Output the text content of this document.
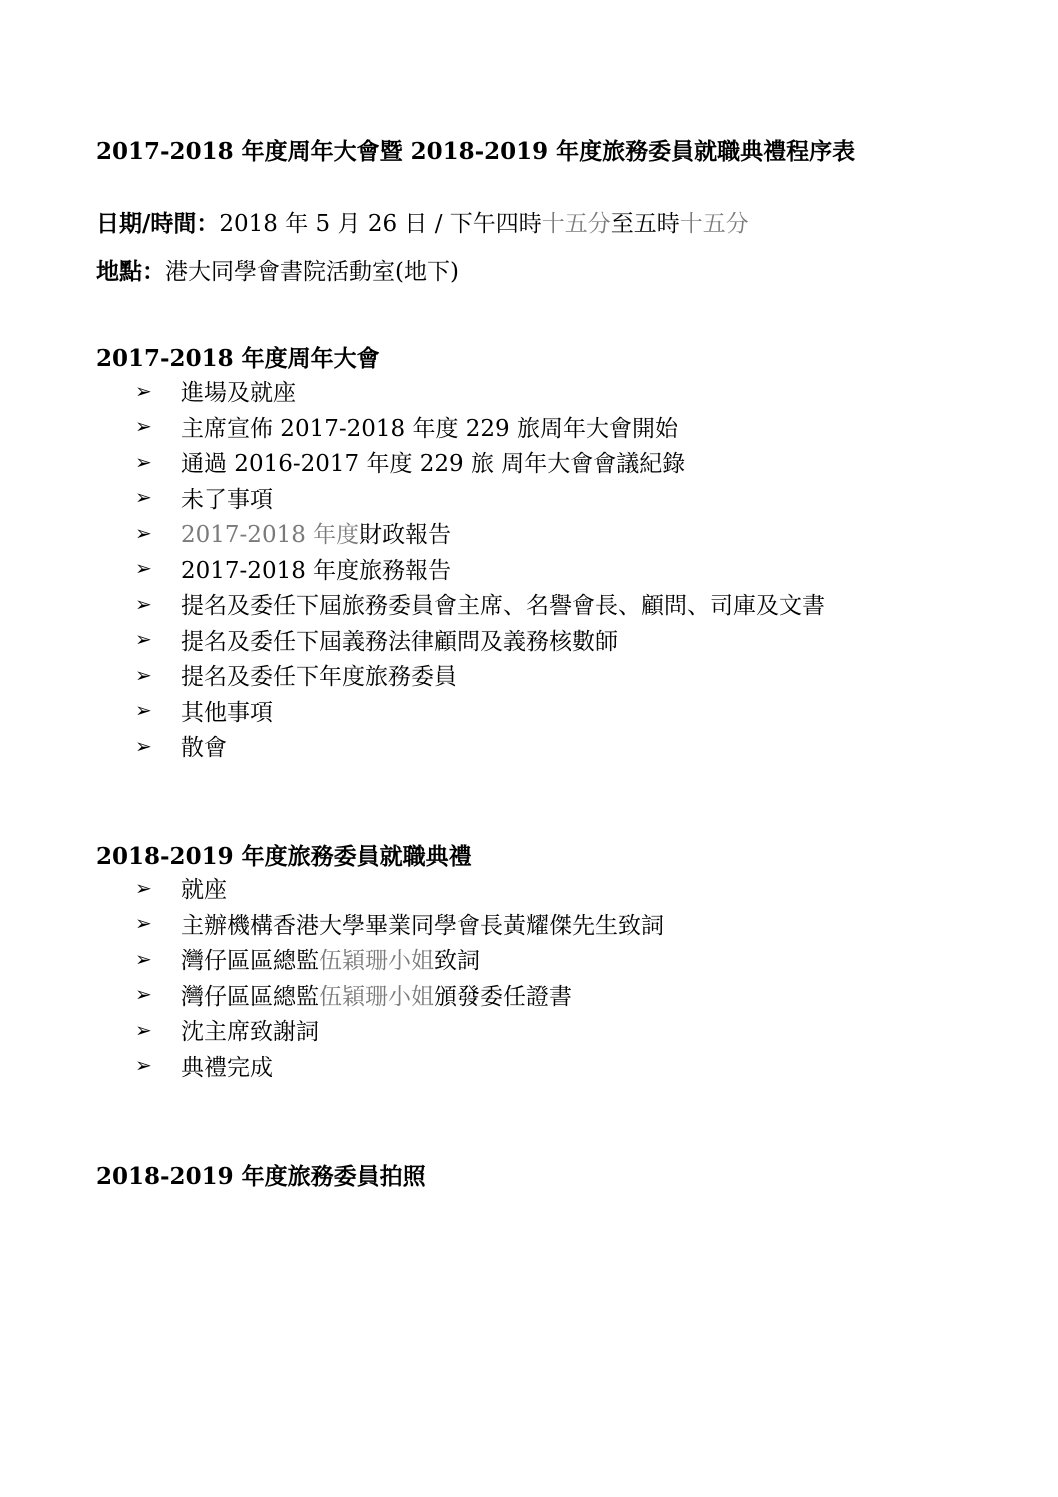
2017-2018 年度周年大會暨 2018-2019 年度旅務委員就職典禮程序表
日期/時間：2018 年 5 月 26 日 / 下午四時十五分至五時十五分
地點：港大同學會書院活動室(地下)
2017-2018 年度周年大會
➢	進場及就座
➢	主席宣佈 2017-2018 年度 229 旅周年大會開始
➢	通過 2016-2017 年度 229 旅 周年大會會議紀錄
➢	未了事項
➢	2017-2018 年度 財政報告
➢	2017-2018 年度旅務報告
➢	提名及委任下屆旅務委員會主席、名譽會長、顧問、司庫及文書
➢	提名及委任下屆義務法律顧問及義務核數師
➢	提名及委任下年度旅務委員
➢	其他事項
➢	散會
2018-2019 年度旅務委員就職典禮
➢	就座
➢	主辦機構香港大學畢業同學會長黃耀傑先生致詞
➢	灣仔區區總監 伍穎珊小姐 致詞
➢	灣仔區區總監 伍穎珊小姐 頒發委任證書
➢	沈主席致謝詞
➢	典禮完成
2018-2019 年度旅務委員拍照
